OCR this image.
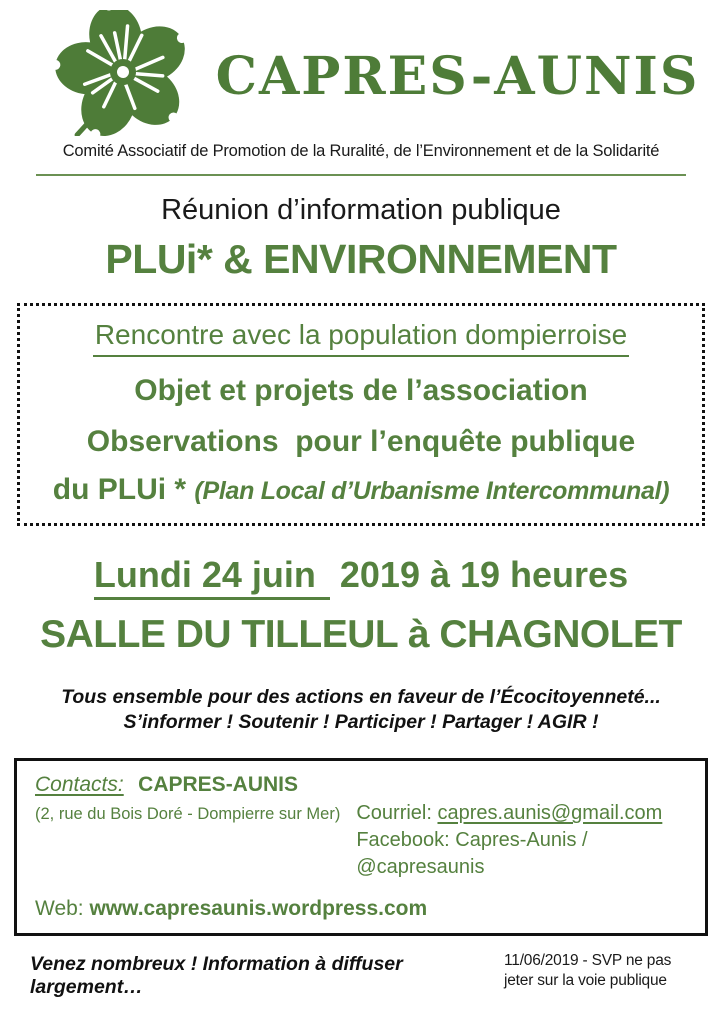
CAPRES-AUNIS
Comité Associatif de Promotion de la Ruralité, de l’Environnement et de la Solidarité
Réunion d’information publique
PLUi* & ENVIRONNEMENT
Rencontre avec la population dompierroise
Objet et projets de l’association
Observations  pour l’enquête publique
du PLUi * (Plan Local d’Urbanisme Intercommunal)
Lundi 24 juin 2019 à 19 heures
SALLE DU TILLEUL à CHAGNOLET
Tous ensemble pour des actions en faveur de l’Écocitoyenneté...
S’informer ! Soutenir ! Participer ! Partager ! AGIR !
Contacts: CAPRES-AUNIS
(2, rue du Bois Doré - Dompierre sur Mer) Courriel: capres.aunis@gmail.com
Facebook: Capres-Aunis / @capresaunis
Web: www.capresaunis.wordpress.com
Venez nombreux ! Information à diffuser largement…
11/06/2019 - SVP ne pas
jeter sur la voie publique
